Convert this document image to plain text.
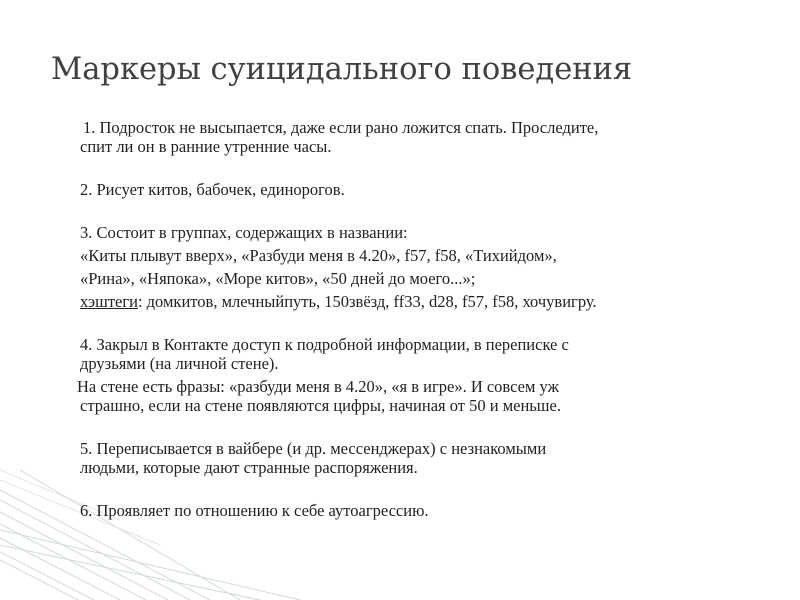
Маркеры суицидального поведения

1. Подросток не высыпается, даже если рано ложится спать. Проследите,

спит ли он в ранние утренние часы.

2. Рисует китов, бабочек, единорогов.

3. Состоит в группах, содержащих в названии:

«Киты плывут вверх», «Разбуди меня в 4.20», f57, f58, «Тихийдом»,

«Рина», «Няпока», «Море китов», «50 дней до моего...»;

хэштеги: домкитов, млечныйпуть, 150звёзд, ff33, d28, f57, f58, хочувигру.

4. Закрыл в Контакте доступ к подробной информации, в переписке с

друзьями (на личной стене).

На стене есть фразы: «разбуди меня в 4.20», «я в игре». И совсем уж

страшно, если на стене появляются цифры, начиная от 50 и меньше.

5. Переписывается в вайбере (и др. мессенджерах) с незнакомыми

людьми, которые дают странные распоряжения.

6. Проявляет по отношению к себе аутоагрессию.
